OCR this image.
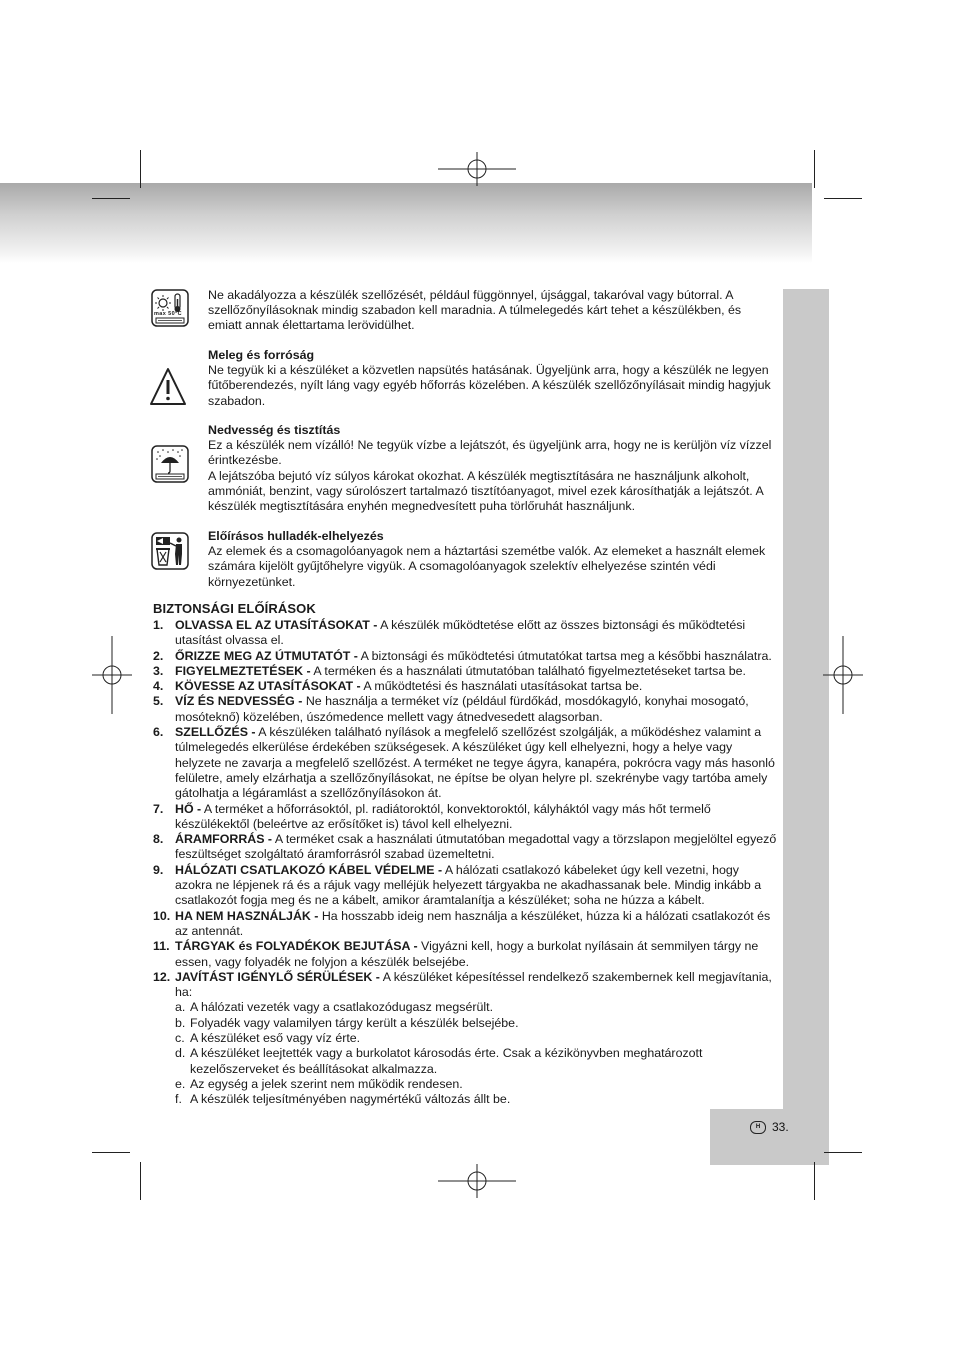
max 50°C

Ne akadályozza a készülék szellőzését, például függönnyel, újsággal, takaróval vagy bútorral. A szellőzőnyílásoknak mindig szabadon kell maradnia. A túlmelegedés kárt tehet a készülékben, és emiatt annak élettartama lerövidülhet.

Meleg és forróság

Ne tegyük ki a készüléket a közvetlen napsütés hatásának. Ügyeljünk arra, hogy a készülék ne legyen fűtőberendezés, nyílt láng vagy egyéb hőforrás közelében. A készülék szellőzőnyílásait mindig hagyjuk szabadon.

Nedvesség és tisztítás

Ez a készülék nem vízálló! Ne tegyük vízbe a lejátszót, és ügyeljünk arra, hogy ne is kerüljön víz vízzel érintkezésbe.

A lejátszóba bejutó víz súlyos károkat okozhat. A készülék megtisztítására ne használjunk alkoholt, ammóniát, benzint, vagy súrolószert tartalmazó tisztítóanyagot, mivel ezek károsíthatják a lejátszót. A készülék megtisztítására enyhén megnedvesített puha törlőruhát használjunk.

Előírásos hulladék-elhelyezés

Az elemek és a csomagolóanyagok nem a háztartási szemétbe valók. Az elemeket a használt elemek számára kijelölt gyűjtőhelyre vigyük. A csomagolóanyagok szelektív elhelyezése szintén védi környezetünket.

BIZTONSÁGI ELŐÍRÁSOK
1. OLVASSA EL AZ UTASÍTÁSOKAT - A készülék működtetése előtt az összes biztonsági és működtetési utasítást olvassa el.
2. ŐRIZZE MEG AZ ÚTMUTATÓT - A biztonsági és működtetési útmutatókat tartsa meg a későbbi használatra.
3. FIGYELMEZTETÉSEK - A terméken és a használati útmutatóban található figyelmeztetéseket tartsa be.
4. KÖVESSE AZ UTASÍTÁSOKAT - A működtetési és használati utasításokat tartsa be.
5. VÍZ ÉS NEDVESSÉG - Ne használja a terméket víz (például fürdőkád, mosdókagyló, konyhai mosogató, mosóteknő) közelében, úszómedence mellett vagy átnedvesedett alagsorban.
6. SZELLŐZÉS - A készüléken található nyílások a megfelelő szellőzést szolgálják, a működéshez valamint a túlmelegedés elkerülése érdekében szükségesek. A készüléket úgy kell elhelyezni, hogy a helye vagy helyzete ne zavarja a megfelelő szellőzést. A terméket ne tegye ágyra, kanapéra, pokrócra vagy más hasonló felületre, amely elzárhatja a szellőzőnyílásokat, ne építse be olyan helyre pl. szekrénybe vagy tartóba amely gátolhatja a légáramlást a szellőzőnyílásokon át.
7. HŐ - A terméket a hőforrásoktól, pl. radiátoroktól, konvektoroktól, kályháktól vagy más hőt termelő készülékektől (beleértve az erősítőket is) távol kell elhelyezni.
8. ÁRAMFORRÁS - A terméket csak a használati útmutatóban megadottal vagy a törzslapon megjelöltel egyező feszültséget szolgáltató áramforrásról szabad üzemeltetni.
9. HÁLÓZATI CSATLAKOZÓ KÁBEL VÉDELME - A hálózati csatlakozó kábeleket úgy kell vezetni, hogy azokra ne lépjenek rá és a rájuk vagy melléjük helyezett tárgyakba ne akadhassanak bele. Mindig inkább a csatlakozót fogja meg és ne a kábelt, amikor áramtalanítja a készüléket; soha ne húzza a kábelt.
10. HA NEM HASZNÁLJÁK - Ha hosszabb ideig nem használja a készüléket, húzza ki a hálózati csatlakozót és az antennát.
11. TÁRGYAK és FOLYADÉKOK BEJUTÁSA - Vigyázni kell, hogy a burkolat nyílásain át semmilyen tárgy ne essen, vagy folyadék ne folyjon a készülék belsejébe.
12. JAVÍTÁST IGÉNYLŐ SÉRÜLÉSEK - A készüléket képesítéssel rendelkező szakembernek kell megjavítania, ha:
a. A hálózati vezeték vagy a csatlakozódugasz megsérült.
b. Folyadék vagy valamilyen tárgy került a készülék belsejébe.
c. A készüléket eső vagy víz érte.
d. A készüléket leejtették vagy a burkolatot károsodás érte. Csak a kézikönyvben meghatározott kezelőszerveket és beállításokat alkalmazza.
e. Az egység a jelek szerint nem működik rendesen.
f. A készülék teljesítményében nagymértékű változás állt be.
H 33.
